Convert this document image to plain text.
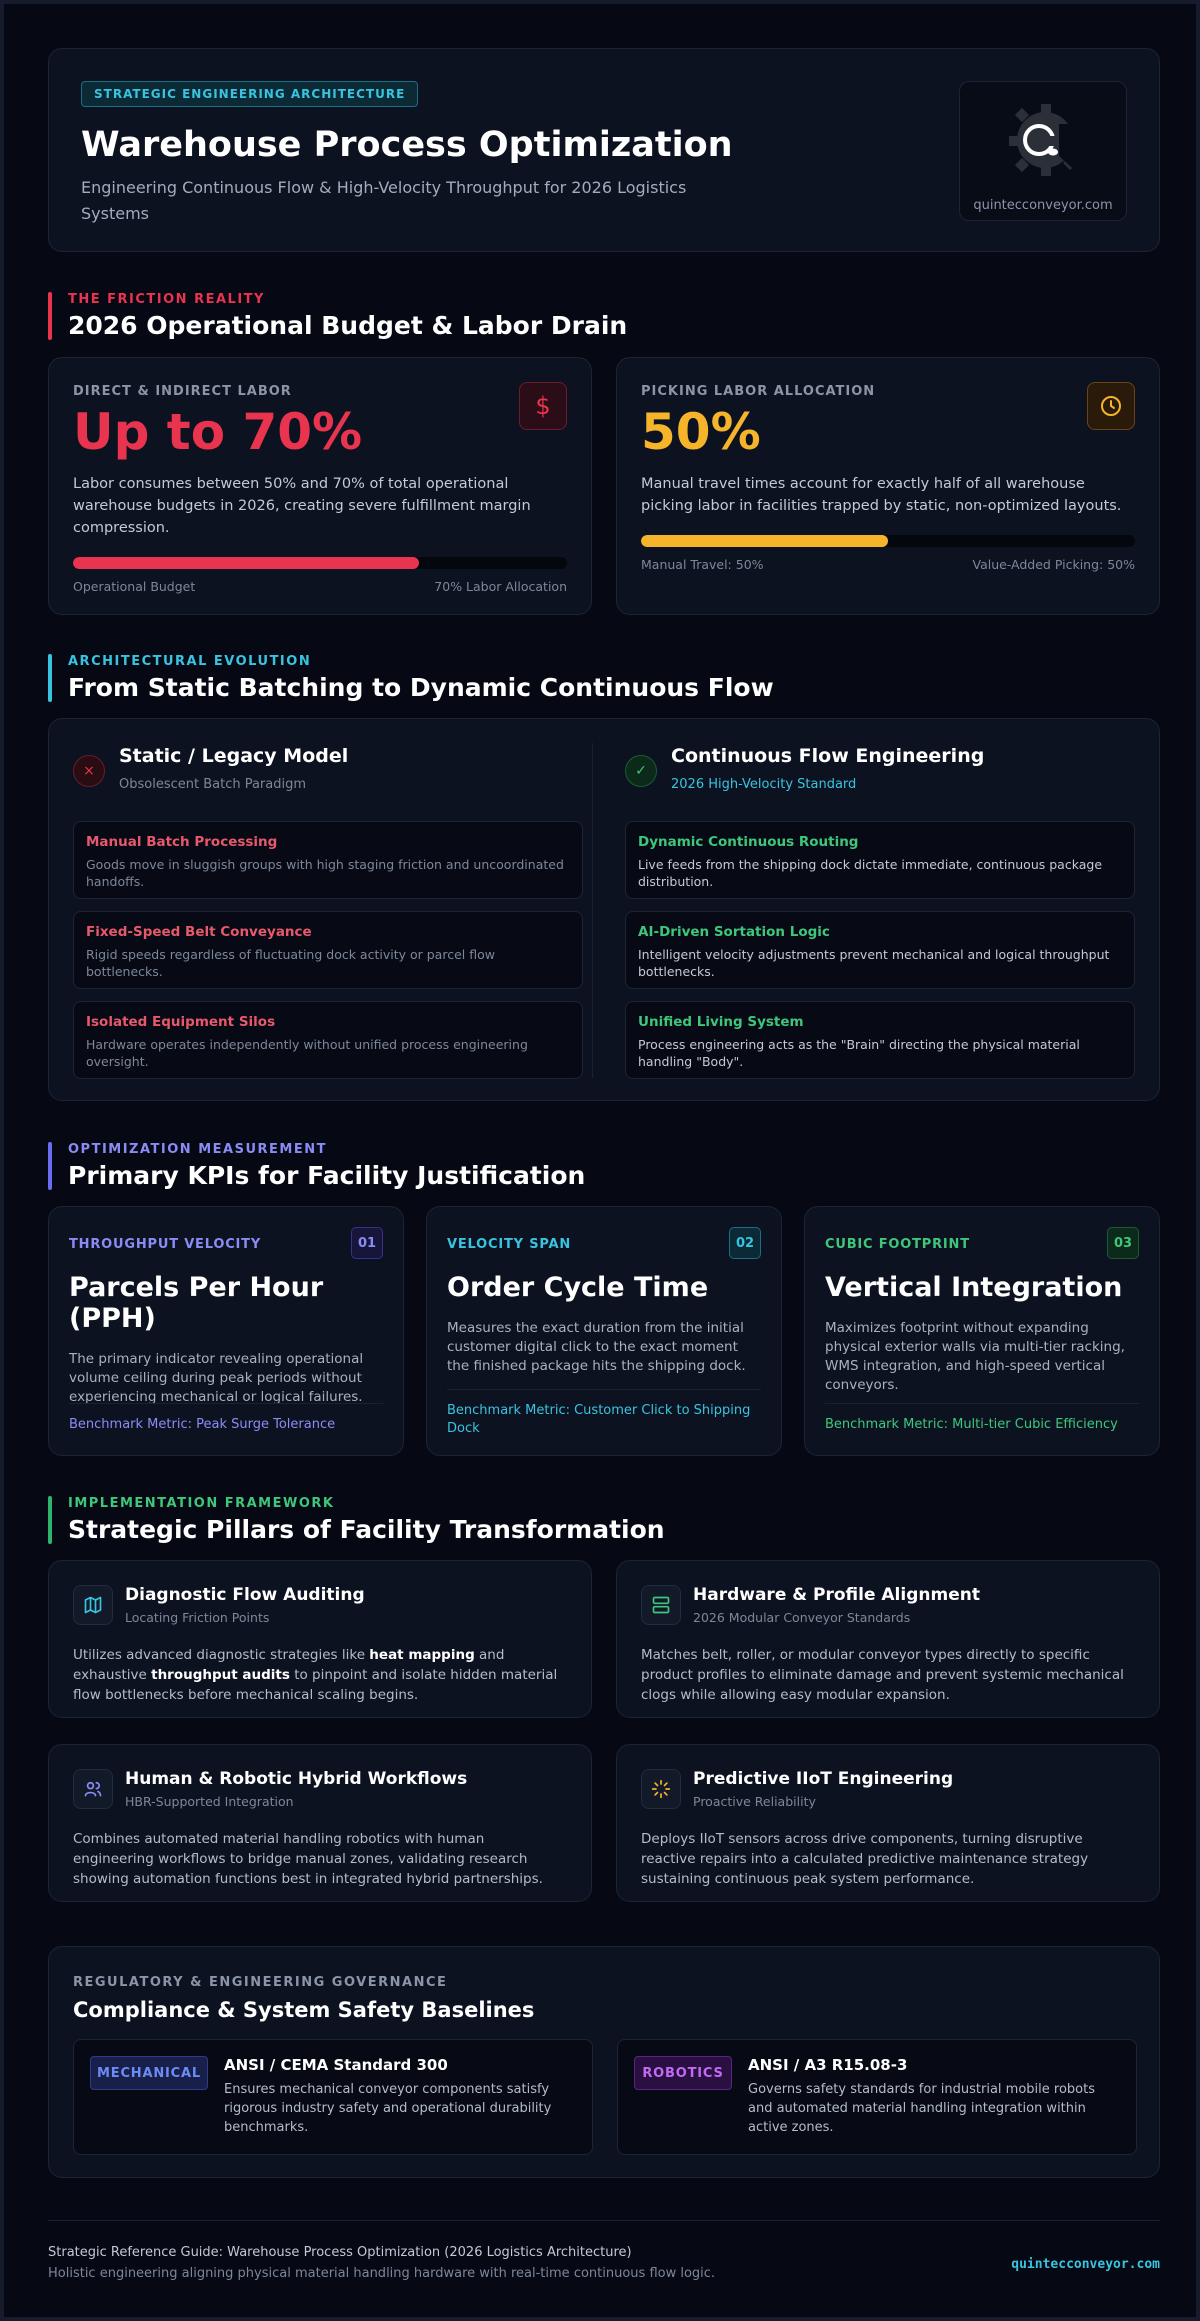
STRATEGIC ENGINEERING ARCHITECTURE
Warehouse Process Optimization

Engineering Continuous Flow & High-Velocity Throughput for 2026 Logistics Systems	quintecconveyor.com
THE FRICTION REALITY
2026 Operational Budget & Labor Drain
DIRECT & INDIRECT LABOR
Up to 70%
Labor consumes between 50% and 70% of total operational warehouse budgets in 2026, creating severe fulfillment margin compression.
$
Operational Budget	70% Labor Allocation
PICKING LABOR ALLOCATION
50%
Manual travel times account for exactly half of all warehouse picking labor in facilities trapped by static, non-optimized layouts.
Manual Travel: 50%	Value-Added Picking: 50%
ARCHITECTURAL EVOLUTION
From Static Batching to Dynamic Continuous Flow
×
Static / Legacy Model
Obsolescent Batch Paradigm
Manual Batch Processing
Goods move in sluggish groups with high staging friction and uncoordinated handoffs.
Fixed-Speed Belt Conveyance
Rigid speeds regardless of fluctuating dock activity or parcel flow bottlenecks.
Isolated Equipment Silos
Hardware operates independently without unified process engineering oversight.
✓
Continuous Flow Engineering
2026 High-Velocity Standard
Dynamic Continuous Routing
Live feeds from the shipping dock dictate immediate, continuous package distribution.
AI-Driven Sortation Logic
Intelligent velocity adjustments prevent mechanical and logical throughput bottlenecks.
Unified Living System
Process engineering acts as the "Brain" directing the physical material handling "Body".
OPTIMIZATION MEASUREMENT
Primary KPIs for Facility Justification
THROUGHPUT VELOCITY	01
Parcels Per Hour (PPH)
The primary indicator revealing operational volume ceiling during peak periods without experiencing mechanical or logical failures.
Benchmark Metric: Peak Surge Tolerance
VELOCITY SPAN	02
Order Cycle Time
Measures the exact duration from the initial customer digital click to the exact moment the finished package hits the shipping dock.
Benchmark Metric: Customer Click to Shipping Dock
CUBIC FOOTPRINT	03
Vertical Integration
Maximizes footprint without expanding physical exterior walls via multi-tier racking, WMS integration, and high-speed vertical conveyors.
Benchmark Metric: Multi-tier Cubic Efficiency
IMPLEMENTATION FRAMEWORK
Strategic Pillars of Facility Transformation
Diagnostic Flow Auditing
Locating Friction Points
Utilizes advanced diagnostic strategies like heat mapping and exhaustive throughput audits to pinpoint and isolate hidden material flow bottlenecks before mechanical scaling begins.
Hardware & Profile Alignment
2026 Modular Conveyor Standards
Matches belt, roller, or modular conveyor types directly to specific product profiles to eliminate damage and prevent systemic mechanical clogs while allowing easy modular expansion.
Human & Robotic Hybrid Workflows
HBR-Supported Integration
Combines automated material handling robotics with human engineering workflows to bridge manual zones, validating research showing automation functions best in integrated hybrid partnerships.
Predictive IIoT Engineering
Proactive Reliability
Deploys IIoT sensors across drive components, turning disruptive reactive repairs into a calculated predictive maintenance strategy sustaining continuous peak system performance.
REGULATORY & ENGINEERING GOVERNANCE
Compliance & System Safety Baselines
MECHANICAL	ANSI / CEMA Standard 300
Ensures mechanical conveyor components satisfy rigorous industry safety and operational durability benchmarks.
ROBOTICS	ANSI / A3 R15.08-3
Governs safety standards for industrial mobile robots and automated material handling integration within active zones.
Strategic Reference Guide: Warehouse Process Optimization (2026 Logistics Architecture)
Holistic engineering aligning physical material handling hardware with real-time continuous flow logic.
quintecconveyor.com
